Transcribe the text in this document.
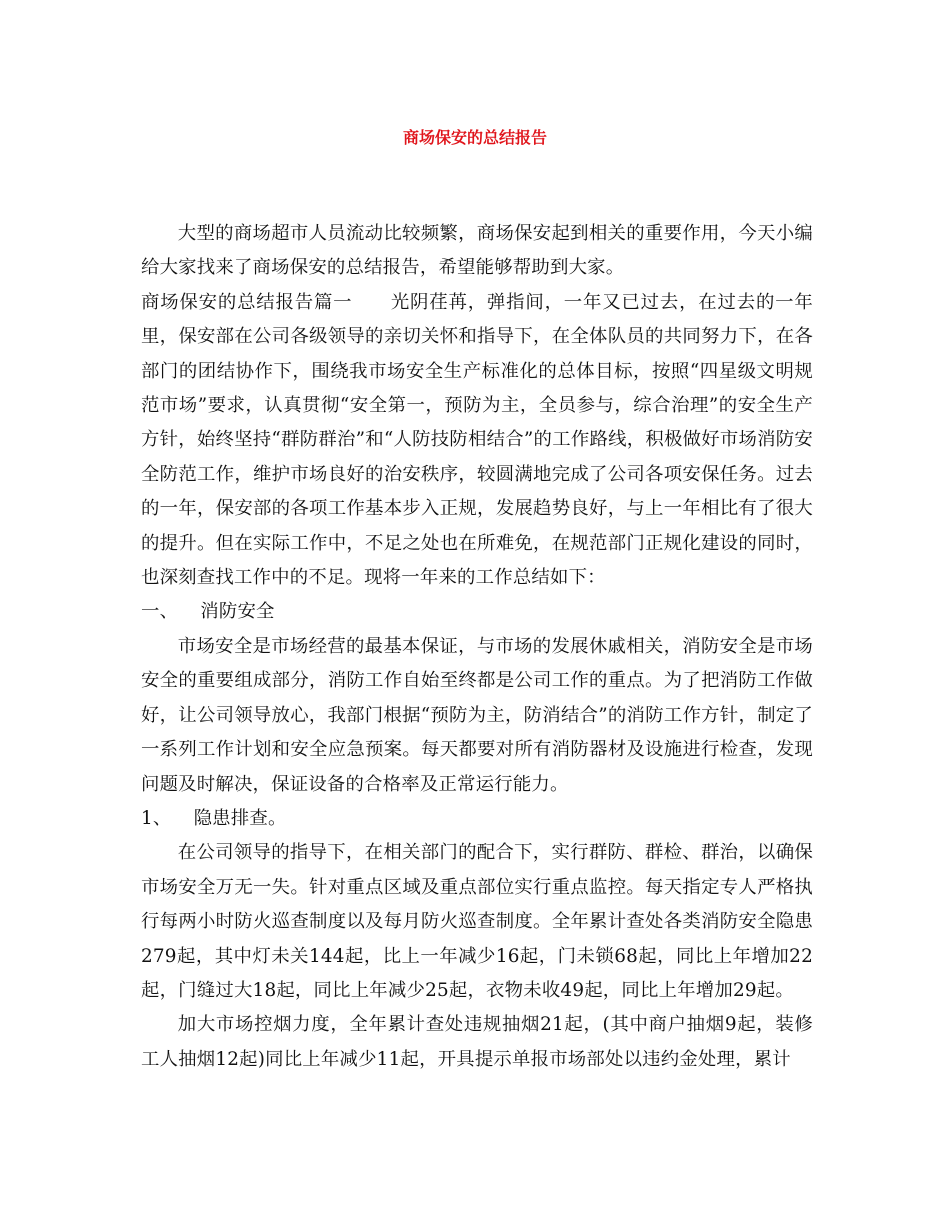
商场保安的总结报告

大型的商场超市人员流动比较频繁，商场保安起到相关的重要作用，今天小编给大家找来了商场保安的总结报告，希望能够帮助到大家。

商场保安的总结报告篇一　　光阴荏苒，弹指间，一年又已过去，在过去的一年里，保安部在公司各级领导的亲切关怀和指导下，在全体队员的共同努力下，在各部门的团结协作下，围绕我市场安全生产标准化的总体目标，按照“四星级文明规范市场”要求，认真贯彻“安全第一，预防为主，全员参与，综合治理”的安全生产方针，始终坚持“群防群治”和“人防技防相结合”的工作路线，积极做好市场消防安全防范工作，维护市场良好的治安秩序，较圆满地完成了公司各项安保任务。过去的一年，保安部的各项工作基本步入正规，发展趋势良好，与上一年相比有了很大的提升。但在实际工作中，不足之处也在所难免，在规范部门正规化建设的同时，也深刻查找工作中的不足。现将一年来的工作总结如下：

一、 消防安全

市场安全是市场经营的最基本保证，与市场的发展休戚相关，消防安全是市场安全的重要组成部分，消防工作自始至终都是公司工作的重点。为了把消防工作做好，让公司领导放心，我部门根据“预防为主，防消结合”的消防工作方针，制定了一系列工作计划和安全应急预案。每天都要对所有消防器材及设施进行检查，发现问题及时解决，保证设备的合格率及正常运行能力。

1、 隐患排查。

在公司领导的指导下，在相关部门的配合下，实行群防、群检、群治，以确保市场安全万无一失。针对重点区域及重点部位实行重点监控。每天指定专人严格执行每两小时防火巡查制度以及每月防火巡查制度。全年累计查处各类消防安全隐患279起，其中灯未关144起，比上一年减少16起，门未锁68起，同比上年增加22起，门缝过大18起，同比上年减少25起，衣物未收49起，同比上年增加29起。

加大市场控烟力度，全年累计查处违规抽烟21起，(其中商户抽烟9起，装修工人抽烟12起)同比上年减少11起，开具提示单报市场部处以违约金处理，累计
